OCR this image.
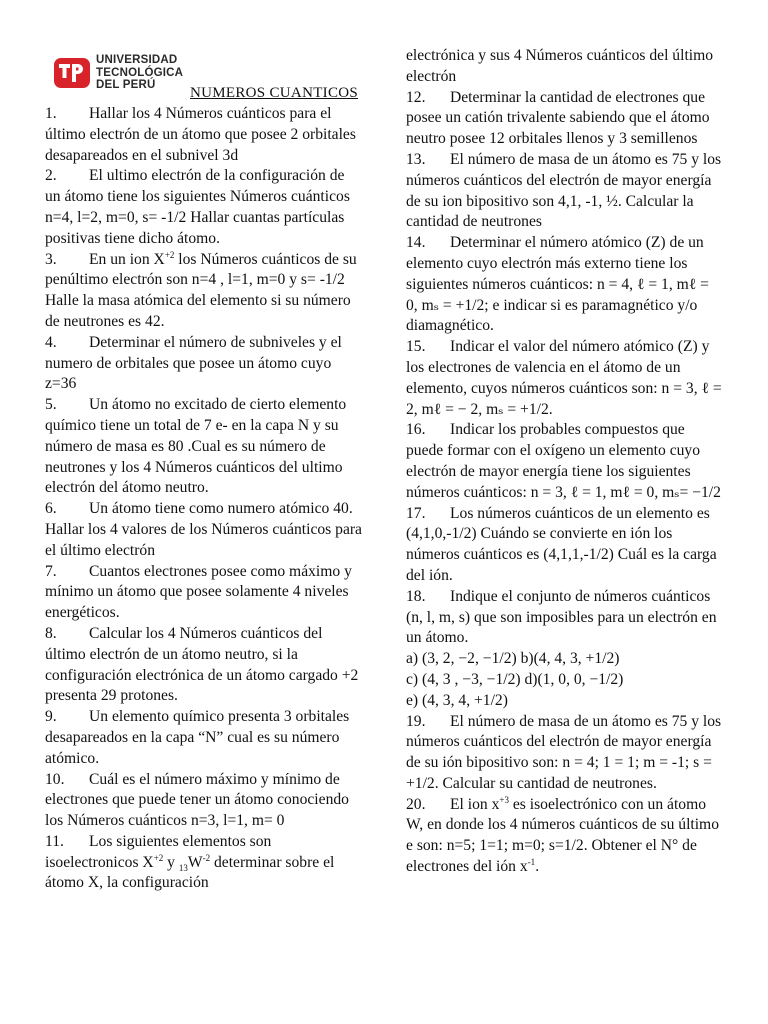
UNIVERSIDAD
TECNOLÓGICA
DEL PERÚ	NUMEROS CUANTICOS

1. Hallar los 4 Números cuánticos para el último electrón de un átomo que posee 2 orbitales desapareados en el subnivel 3d

2. El ultimo electrón de la configuración de un átomo tiene los siguientes Números cuánticos n=4, l=2, m=0, s= -1/2 Hallar cuantas partículas positivas tiene dicho átomo.

3. En un ion $X^{+2}$ los Números cuánticos de su penúltimo electrón son n=4 , l=1, m=0 y s= -1/2 Halle la masa atómica del elemento si su número de neutrones es 42.

4. Determinar el número de subniveles y el numero de orbitales que posee un átomo cuyo z=36

5. Un átomo no excitado de cierto elemento químico tiene un total de 7 e- en la capa N y su número de masa es 80 .Cual es su número de neutrones y los 4 Números cuánticos del ultimo electrón del átomo neutro.

6. Un átomo tiene como numero atómico 40. Hallar los 4 valores de los Números cuánticos para el último electrón

7. Cuantos electrones posee como máximo y mínimo un átomo que posee solamente 4 niveles energéticos.

8. Calcular los 4 Números cuánticos del último electrón de un átomo neutro, si la configuración electrónica de un átomo cargado +2 presenta 29 protones.

9. Un elemento químico presenta 3 orbitales desapareados en la capa “N” cual es su número atómico.

10. Cuál es el número máximo y mínimo de electrones que puede tener un átomo conociendo los Números cuánticos n=3, l=1, m= 0

11. Los siguientes elementos son isoelectronicos $X^{+2}$ y $_{13}W^{-2}$ determinar sobre el átomo X, la configuración

electrónica y sus 4 Números cuánticos del último electrón

12. Determinar la cantidad de electrones que posee un catión trivalente sabiendo que el átomo neutro posee 12 orbitales llenos y 3 semillenos

13. El número de masa de un átomo es 75 y los números cuánticos del electrón de mayor energía de su ion bipositivo son 4,1, -1, ½. Calcular la cantidad de neutrones

14. Determinar el número atómico (Z) de un elemento cuyo electrón más externo tiene los siguientes números cuánticos: n = 4, ℓ = 1, mℓ = 0, mₛ = +1/2; e indicar si es paramagnético y/o diamagnético.

15. Indicar el valor del número atómico (Z) y los electrones de valencia en el átomo de un elemento, cuyos números cuánticos son: n = 3, ℓ = 2, mℓ = − 2, mₛ = +1/2.

16. Indicar los probables compuestos que puede formar con el oxígeno un elemento cuyo electrón de mayor energía tiene los siguientes números cuánticos: n = 3, ℓ = 1, mℓ = 0, mₛ= −1/2

17. Los números cuánticos de un elemento es (4,1,0,-1/2) Cuándo se convierte en ión los números cuánticos es (4,1,1,-1/2) Cuál es la carga del ión.

18. Indique el conjunto de números cuánticos (n, l, m, s) que son imposibles para un electrón en un átomo.

a) (3, 2, −2, −1/2) b)(4, 4, 3, +1/2)

c) (4, 3 , −3, −1/2) d)(1, 0, 0, −1/2)

e) (4, 3, 4, +1/2)

19. El número de masa de un átomo es 75 y los números cuánticos del electrón de mayor energía de su ión bipositivo son: n = 4; 1 = 1; m = -1; s = +1/2. Calcular su cantidad de neutrones.

20. El ion $x^{+3}$ es isoelectrónico con un átomo W, en donde los 4 números cuánticos de su último e son: n=5; 1=1; m=0; s=1/2. Obtener el N° de electrones del ión $x^{-1}$.
